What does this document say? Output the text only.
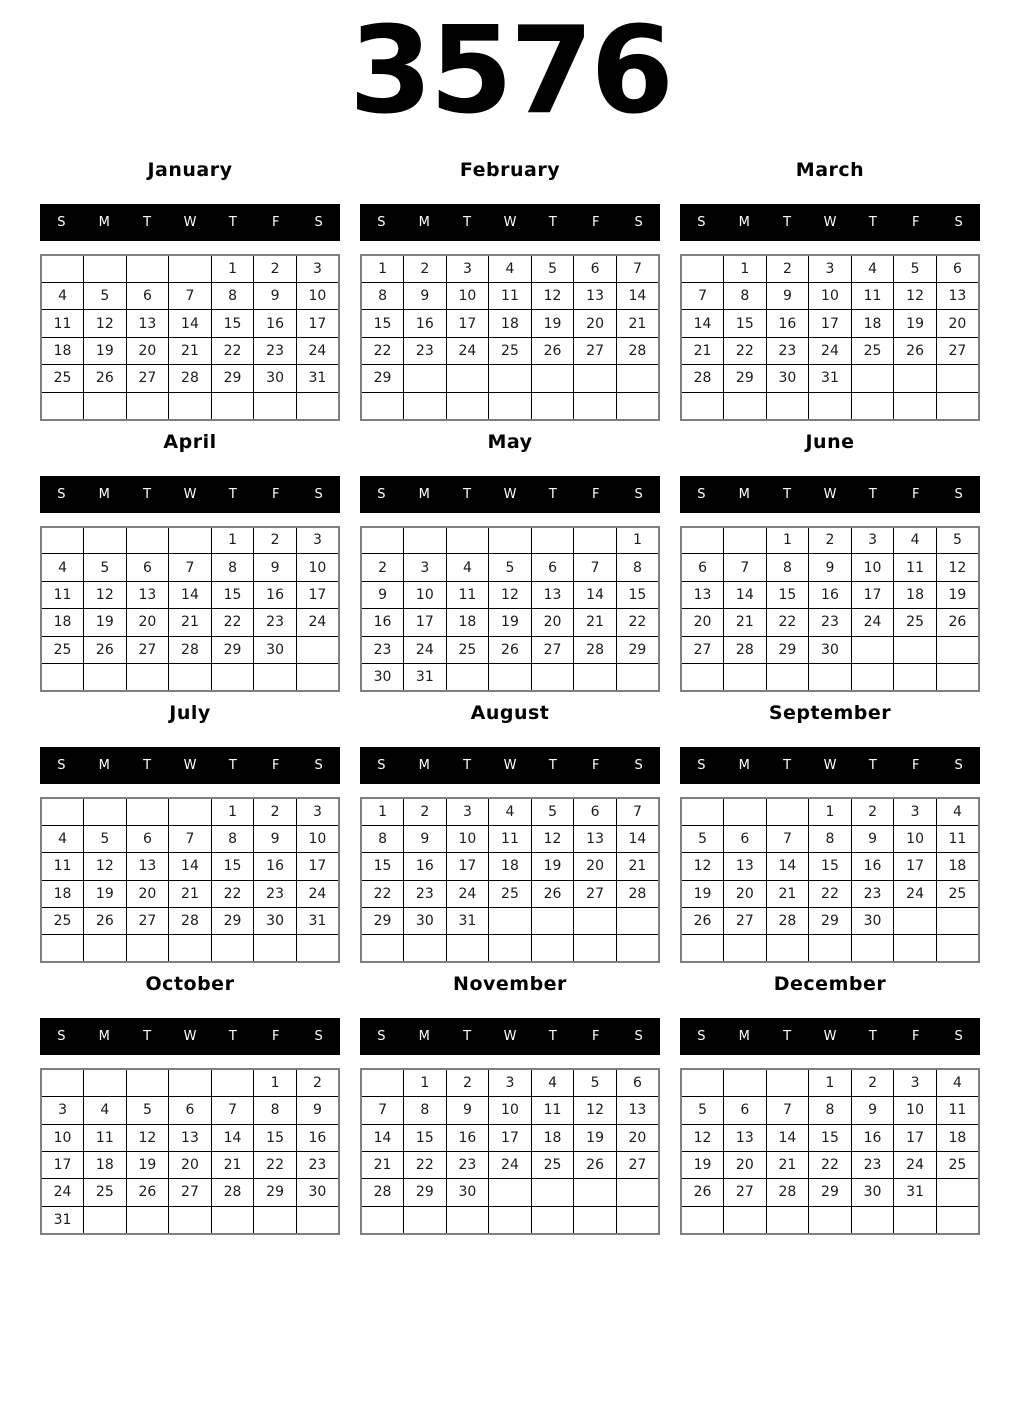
3576
January
S	M	T	W	T	F	S
				1	2	3
4	5	6	7	8	9	10
11	12	13	14	15	16	17
18	19	20	21	22	23	24
25	26	27	28	29	30	31

February
S	M	T	W	T	F	S
1	2	3	4	5	6	7
8	9	10	11	12	13	14
15	16	17	18	19	20	21
22	23	24	25	26	27	28
29						

March
S	M	T	W	T	F	S
	1	2	3	4	5	6
7	8	9	10	11	12	13
14	15	16	17	18	19	20
21	22	23	24	25	26	27
28	29	30	31			

April
S	M	T	W	T	F	S
				1	2	3
4	5	6	7	8	9	10
11	12	13	14	15	16	17
18	19	20	21	22	23	24
25	26	27	28	29	30	

May
S	M	T	W	T	F	S
						1
2	3	4	5	6	7	8
9	10	11	12	13	14	15
16	17	18	19	20	21	22
23	24	25	26	27	28	29
30	31					
June
S	M	T	W	T	F	S
		1	2	3	4	5
6	7	8	9	10	11	12
13	14	15	16	17	18	19
20	21	22	23	24	25	26
27	28	29	30			

July
S	M	T	W	T	F	S
				1	2	3
4	5	6	7	8	9	10
11	12	13	14	15	16	17
18	19	20	21	22	23	24
25	26	27	28	29	30	31

August
S	M	T	W	T	F	S
1	2	3	4	5	6	7
8	9	10	11	12	13	14
15	16	17	18	19	20	21
22	23	24	25	26	27	28
29	30	31				

September
S	M	T	W	T	F	S
			1	2	3	4
5	6	7	8	9	10	11
12	13	14	15	16	17	18
19	20	21	22	23	24	25
26	27	28	29	30		

October
S	M	T	W	T	F	S
					1	2
3	4	5	6	7	8	9
10	11	12	13	14	15	16
17	18	19	20	21	22	23
24	25	26	27	28	29	30
31						
November
S	M	T	W	T	F	S
	1	2	3	4	5	6
7	8	9	10	11	12	13
14	15	16	17	18	19	20
21	22	23	24	25	26	27
28	29	30				

December
S	M	T	W	T	F	S
			1	2	3	4
5	6	7	8	9	10	11
12	13	14	15	16	17	18
19	20	21	22	23	24	25
26	27	28	29	30	31	
